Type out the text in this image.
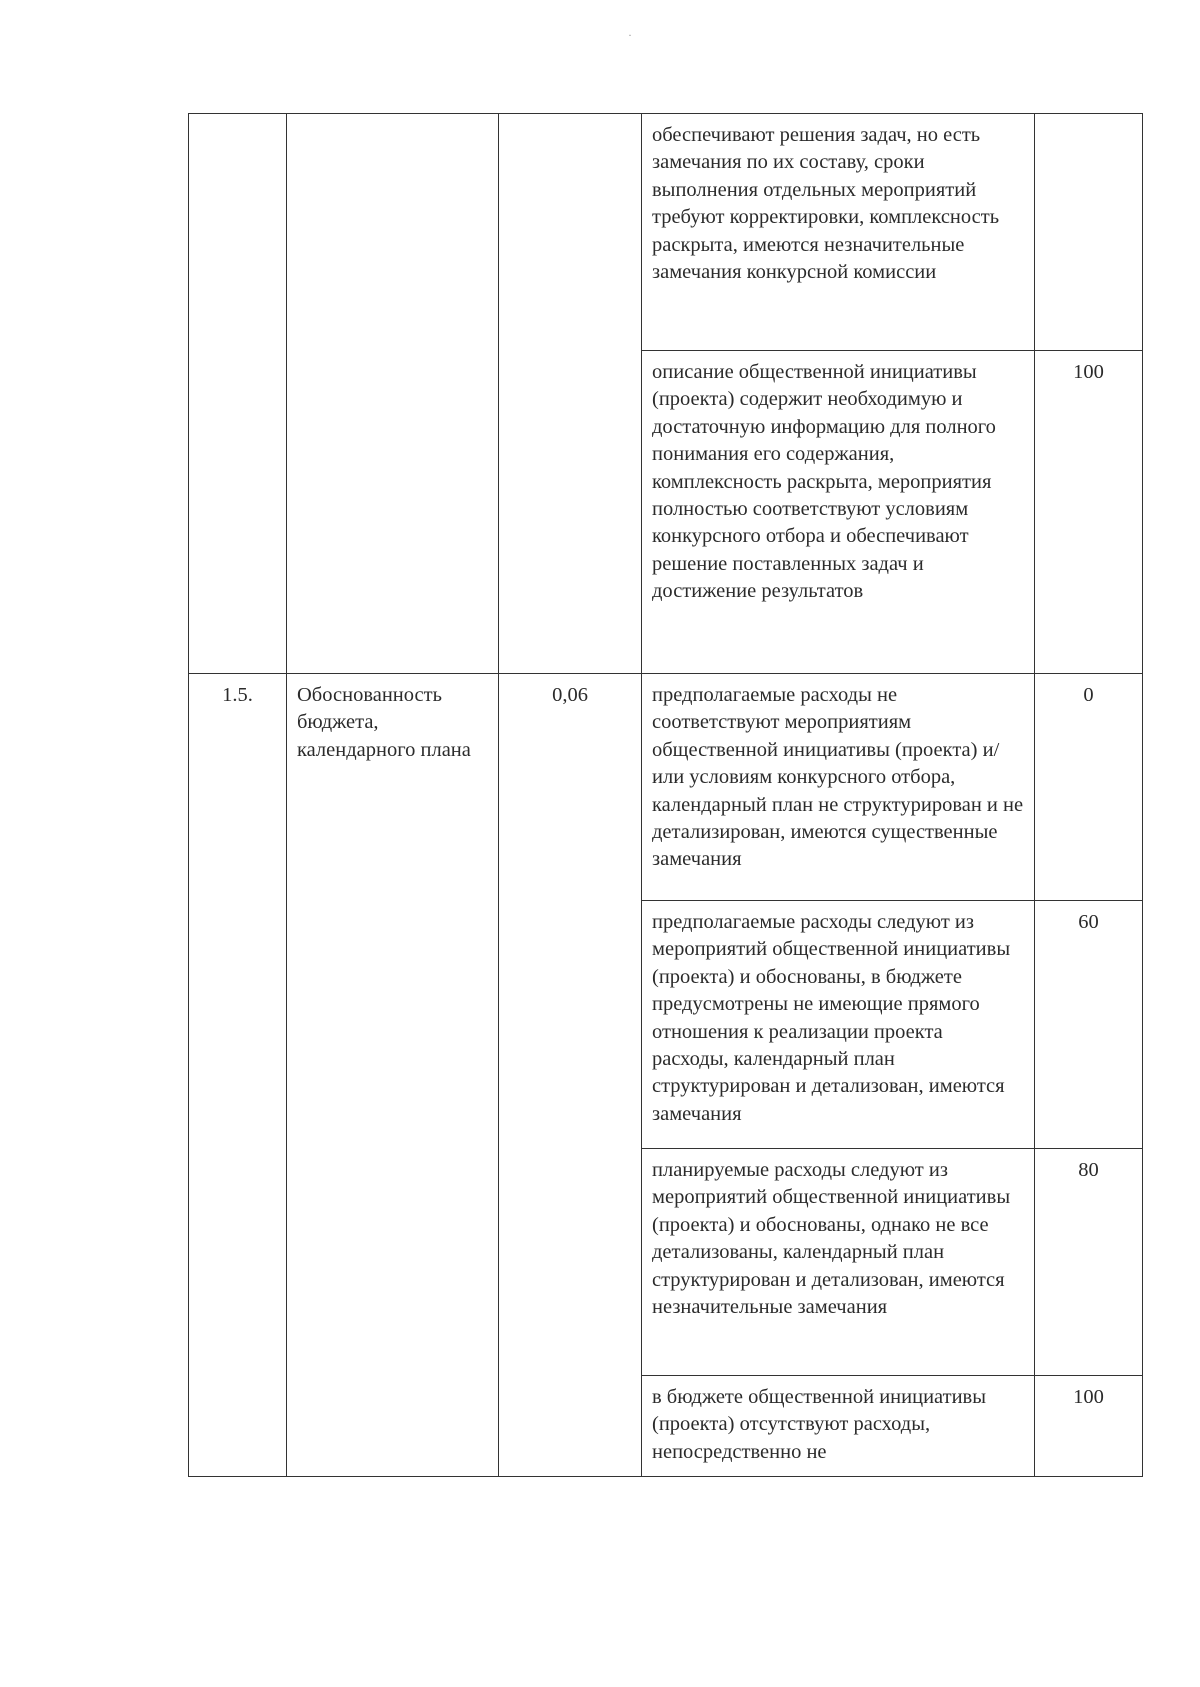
·
			обеспечивают решения задач, но есть замечания по их составу, сроки выполнения отдельных мероприятий требуют корректировки, комплексность раскрыта, имеются незначительные замечания конкурсной комиссии	
			описание общественной инициативы (проекта) содержит необходимую и достаточную информацию для полного понимания его содержания, комплексность раскрыта, мероприятия полностью соответствуют условиям конкурсного отбора и обеспечивают решение поставленных задач и достижение результатов	100
1.5.	Обоснованность бюджета, календарного плана	0,06	предполагаемые расходы не соответствуют мероприятиям общественной инициативы (проекта) и/или условиям конкурсного отбора, календарный план не структурирован и не детализирован, имеются существенные замечания	0
			предполагаемые расходы следуют из мероприятий общественной инициативы (проекта) и обоснованы, в бюджете предусмотрены не имеющие прямого отношения к реализации проекта расходы, календарный план структурирован и детализован, имеются замечания	60
			планируемые расходы следуют из мероприятий общественной инициативы (проекта) и обоснованы, однако не все детализованы, календарный план структурирован и детализован, имеются незначительные замечания	80
			в бюджете общественной инициативы (проекта) отсутствуют расходы, непосредственно не	100
